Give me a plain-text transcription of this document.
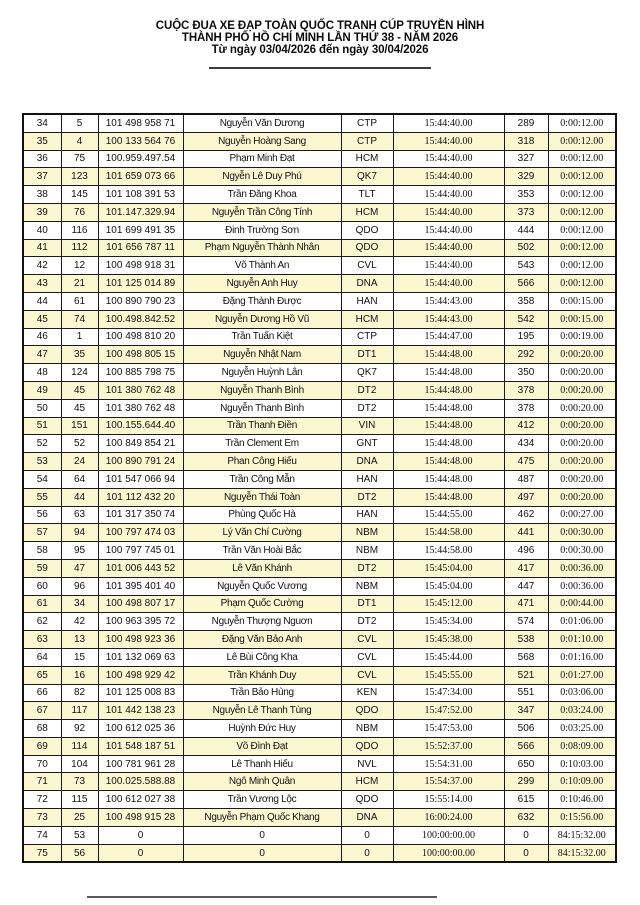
CUỘC ĐUA XE ĐẠP TOÀN QUỐC TRANH CÚP TRUYỀN HÌNH
THÀNH PHỐ HỒ CHÍ MINH LẦN THỨ 38 - NĂM 2026
Từ ngày 03/04/2026 đến ngày 30/04/2026
34	5	101 498 958 71	Nguyễn Văn Dương	CTP	15:44:40.00	289	0:00:12.00
35	4	100 133 564 76	Nguyễn Hoàng Sang	CTP	15:44:40.00	318	0:00:12.00
36	75	100.959.497.54	Phạm Minh Đạt	HCM	15:44:40.00	327	0:00:12.00
37	123	101 659 073 66	Ngyễn Lê Duy Phú	QK7	15:44:40.00	329	0:00:12.00
38	145	101 108 391 53	Trần Đăng Khoa	TLT	15:44:40.00	353	0:00:12.00
39	76	101.147.329.94	Nguyễn Trần Công Tính	HCM	15:44:40.00	373	0:00:12.00
40	116	101 699 491 35	Đinh Trường Sơn	QDO	15:44:40.00	444	0:00:12.00
41	112	101 656 787 11	Phạm Nguyễn Thành Nhân	QDO	15:44:40.00	502	0:00:12.00
42	12	100 498 918 31	Võ Thành An	CVL	15:44:40.00	543	0:00:12.00
43	21	101 125 014 89	Nguyễn Anh Huy	DNA	15:44:40.00	566	0:00:12.00
44	61	100 890 790 23	Đặng Thành Được	HAN	15:44:43.00	358	0:00:15.00
45	74	100.498.842.52	Nguyễn Dương Hồ Vũ	HCM	15:44:43.00	542	0:00:15.00
46	1	100 498 810 20	Trần Tuấn Kiệt	CTP	15:44:47.00	195	0:00:19.00
47	35	100 498 805 15	Nguyễn Nhật Nam	DT1	15:44:48.00	292	0:00:20.00
48	124	100 885 798 75	Nguyễn Huỳnh Lân	QK7	15:44:48.00	350	0:00:20.00
49	45	101 380 762 48	Nguyễn Thanh Bình	DT2	15:44:48.00	378	0:00:20.00
50	45	101 380 762 48	Nguyễn Thanh Bình	DT2	15:44:48.00	378	0:00:20.00
51	151	100.155.644.40	Trần Thanh Điền	VIN	15:44:48.00	412	0:00:20.00
52	52	100 849 854 21	Trần Clement Em	GNT	15:44:48.00	434	0:00:20.00
53	24	100 890 791 24	Phan Công Hiếu	DNA	15:44:48.00	475	0:00:20.00
54	64	101 547 066 94	Trần Công Mẫn	HAN	15:44:48.00	487	0:00:20.00
55	44	101 112 432 20	Nguyễn Thái Toàn	DT2	15:44:48.00	497	0:00:20.00
56	63	101 317 350 74	Phùng Quốc Hà	HAN	15:44:55.00	462	0:00:27.00
57	94	100 797 474 03	Lý Văn Chí Cường	NBM	15:44:58.00	441	0:00:30.00
58	95	100 797 745 01	Trần Văn Hoài Bắc	NBM	15:44:58.00	496	0:00:30.00
59	47	101 006 443 52	Lê Văn Khánh	DT2	15:45:04.00	417	0:00:36.00
60	96	101 395 401 40	Nguyễn Quốc Vương	NBM	15:45:04.00	447	0:00:36.00
61	34	100 498 807 17	Phạm Quốc Cường	DT1	15:45:12.00	471	0:00:44.00
62	42	100 963 395 72	Nguyễn Thượng Nguơn	DT2	15:45:34.00	574	0:01:06.00
63	13	100 498 923 36	Đặng Văn Bảo Anh	CVL	15:45:38.00	538	0:01:10.00
64	15	101 132 069 63	Lê Bùi Công Kha	CVL	15:45:44.00	568	0:01:16.00
65	16	100 498 929 42	Trần Khánh Duy	CVL	15:45:55.00	521	0:01:27.00
66	82	101 125 008 83	Trần Bảo Hùng	KEN	15:47:34.00	551	0:03:06.00
67	117	101 442 138 23	Nguyễn Lê Thanh Tùng	QDO	15:47:52.00	347	0:03:24.00
68	92	100 612 025 36	Huỳnh Đức Huy	NBM	15:47:53.00	506	0:03:25.00
69	114	101 548 187 51	Võ Đình Đạt	QDO	15:52:37.00	566	0:08:09.00
70	104	100 781 961 28	Lê Thanh Hiếu	NVL	15:54:31.00	650	0:10:03.00
71	73	100.025.588.88	Ngô Minh Quân	HCM	15:54:37.00	299	0:10:09.00
72	115	100 612 027 38	Trần Vương Lộc	QDO	15:55:14.00	615	0:10:46.00
73	25	100 498 915 28	Nguyễn Phạm Quốc Khang	DNA	16:00:24.00	632	0:15:56.00
74	53	0	0	0	100:00:00.00	0	84:15:32.00
75	56	0	0	0	100:00:00.00	0	84:15:32.00
